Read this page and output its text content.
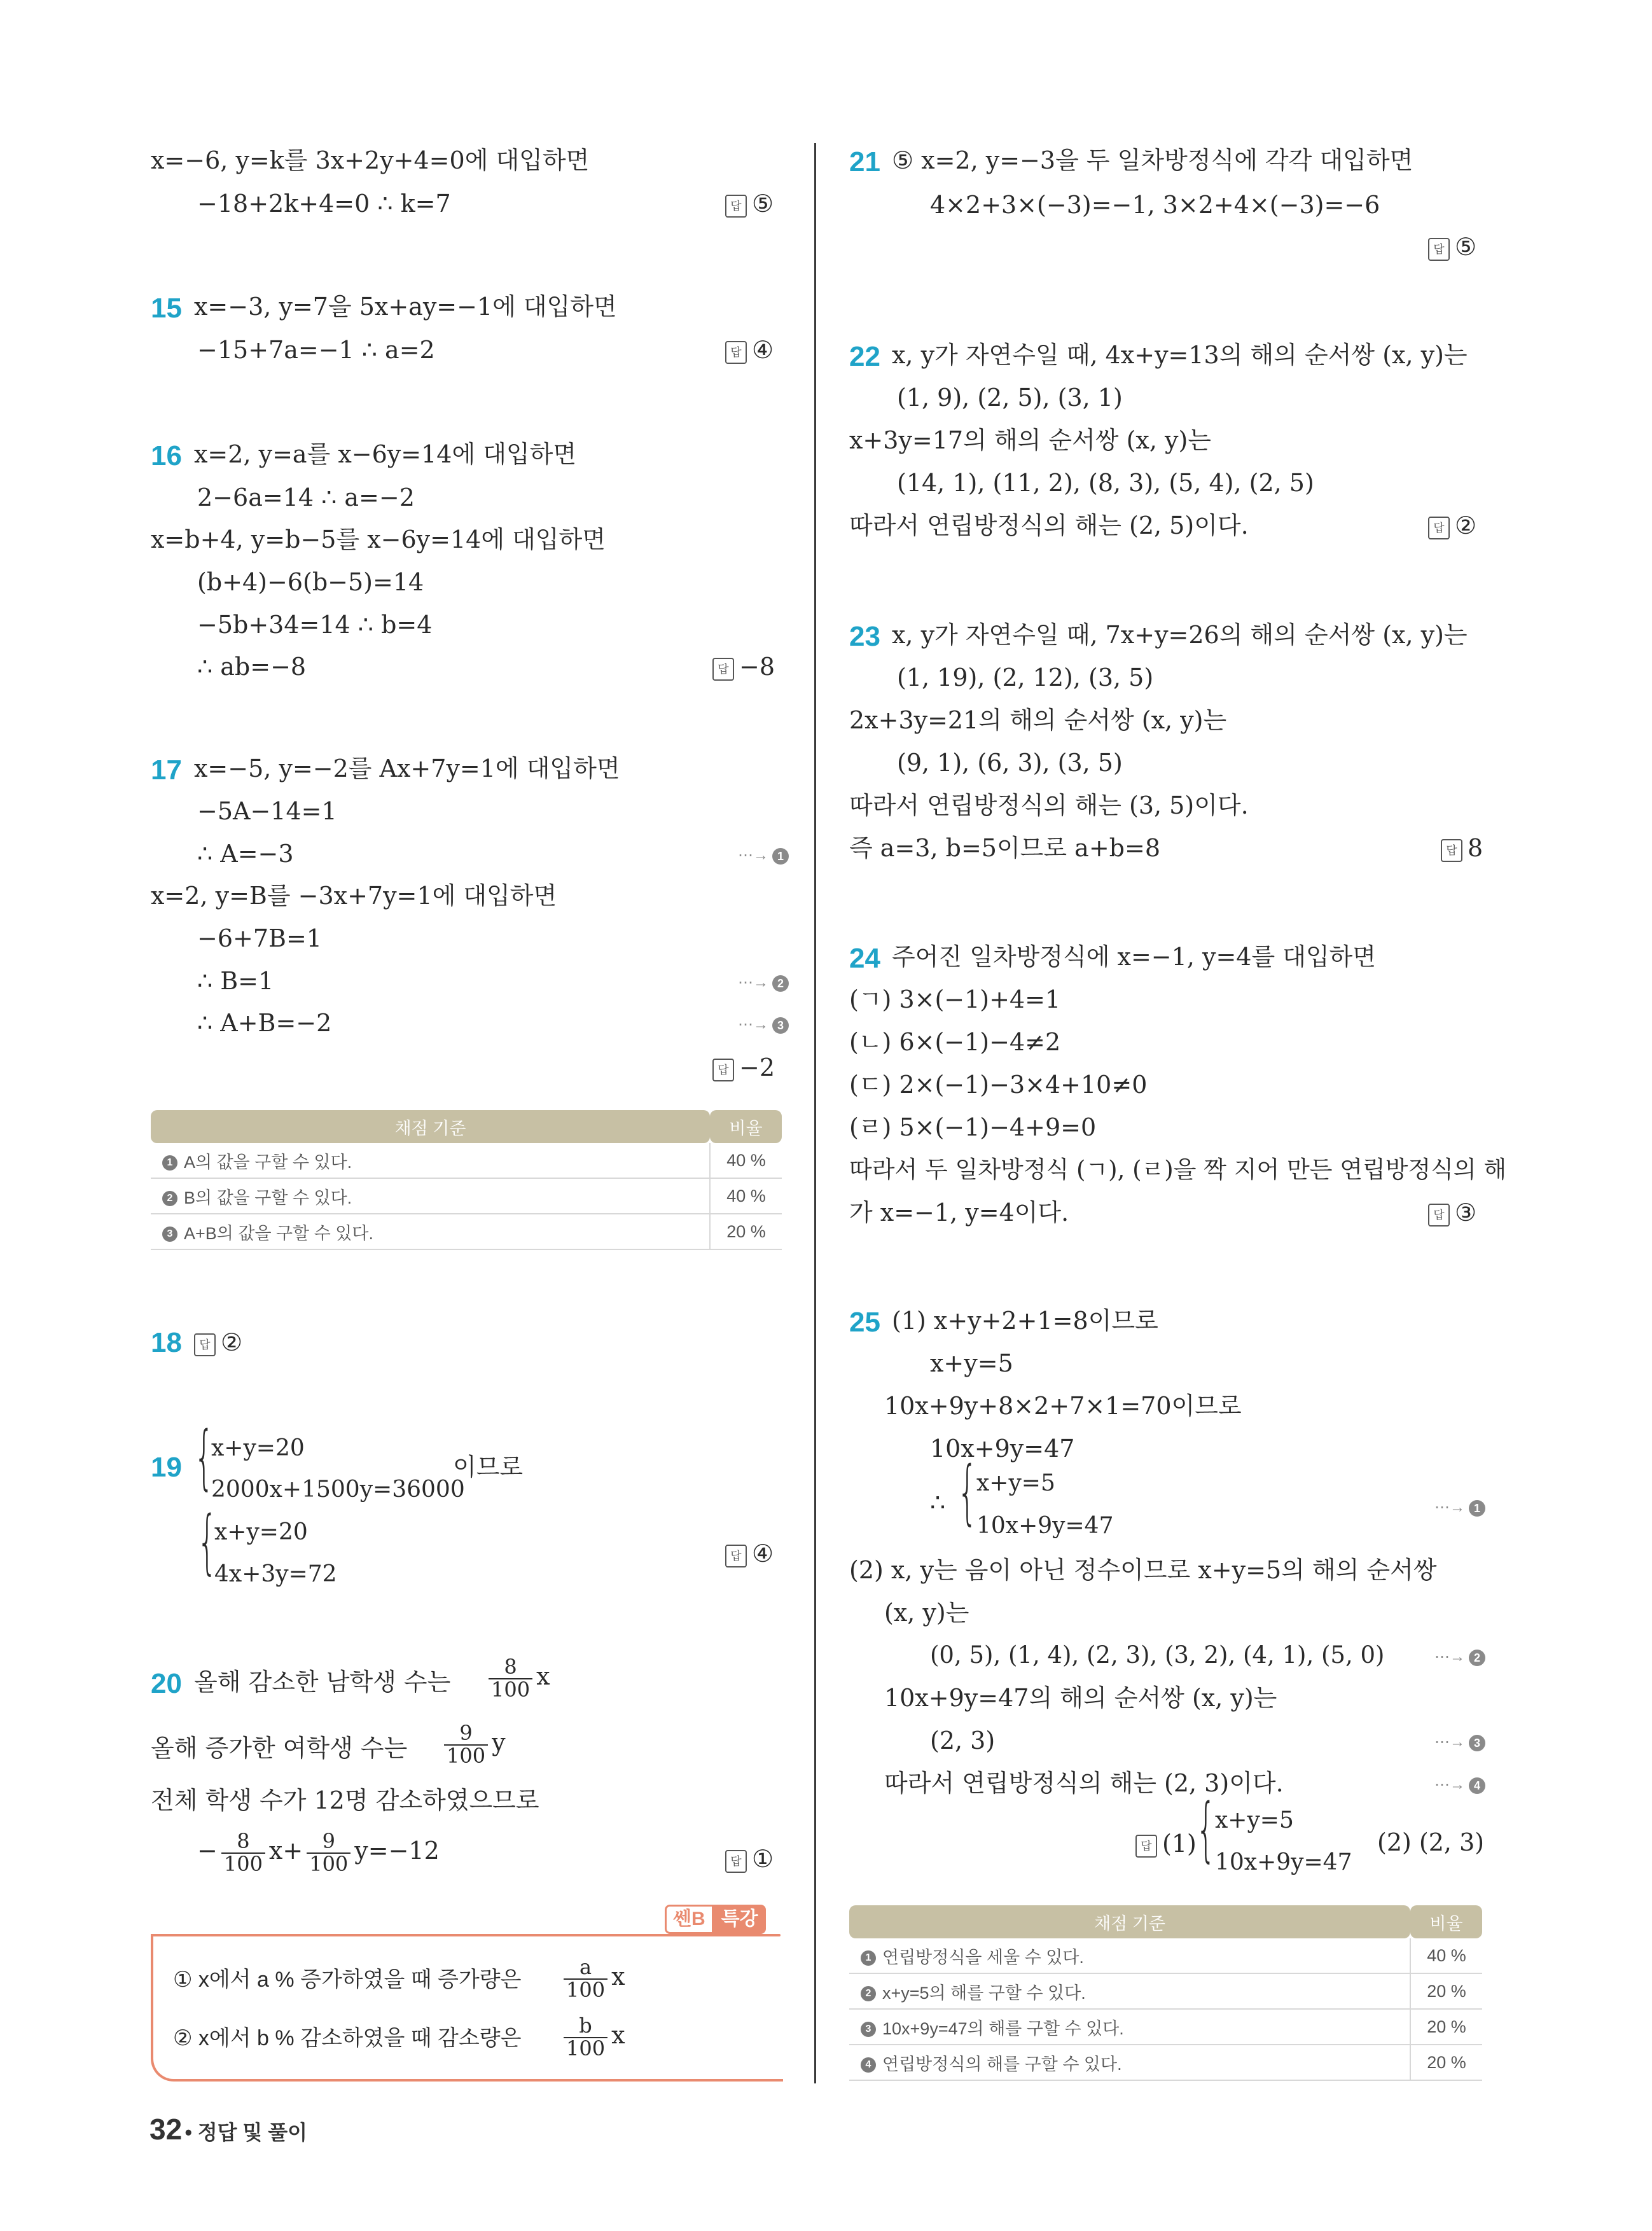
x=−6, y=k를 3x+2y+4=0에 대입하면
−18+2k+4=0 ∴ k=7	답 ⑤
15 x=−3, y=7을 5x+ay=−1에 대입하면
−15+7a=−1 ∴ a=2	답 ④
16 x=2, y=a를 x−6y=14에 대입하면
2−6a=14 ∴ a=−2
x=b+4, y=b−5를 x−6y=14에 대입하면
(b+4)−6(b−5)=14
−5b+34=14 ∴ b=4
∴ ab=−8	답 −8
17 x=−5, y=−2를 Ax+7y=1에 대입하면
−5A−14=1
∴ A=−3	⋯→ 1
x=2, y=B를 −3x+7y=1에 대입하면
−6+7B=1
∴ B=1	⋯→ 2
∴ A+B=−2	⋯→ 3
답 −2
채점 기준	비율
1 A의 값을 구할 수 있다.	40 %
2 B의 값을 구할 수 있다.	40 %
3 A+B의 값을 구할 수 있다.	20 %
18	답 ②
19 {
x+y=20
2000x+1500y=36000
이므로
{
x+y=20
4x+3y=72
답 ④
20 올해 감소한 남학생 수는 $\frac{8}{100}$ x
올해 증가한 여학생 수는 $\frac{9}{100}$ y
전체 학생 수가 12명 감소하였으므로
− $\frac{8}{100} x+ \frac{9}{100} y=-12$	답 ①
쎈B 특강
① x에서 a % 증가하였을 때 증가량은 $\frac{a}{100}$ x
② x에서 b % 감소하였을 때 감소량은 $\frac{b}{100}$ x
32 • 정답 및 풀이
21 ⑤ x=2, y=−3을 두 일차방정식에 각각 대입하면
4×2+3×(−3)=−1, 3×2+4×(−3)=−6
답 ⑤
22 x, y가 자연수일 때, 4x+y=13의 해의 순서쌍 (x, y)는
(1, 9), (2, 5), (3, 1)
x+3y=17의 해의 순서쌍 (x, y)는
(14, 1), (11, 2), (8, 3), (5, 4), (2, 5)
따라서 연립방정식의 해는 (2, 5)이다.	답 ②
23 x, y가 자연수일 때, 7x+y=26의 해의 순서쌍 (x, y)는
(1, 19), (2, 12), (3, 5)
2x+3y=21의 해의 순서쌍 (x, y)는
(9, 1), (6, 3), (3, 5)
따라서 연립방정식의 해는 (3, 5)이다.
즉 a=3, b=5이므로 a+b=8	답 8
24 주어진 일차방정식에 x=−1, y=4를 대입하면
(ㄱ) 3×(−1)+4=1
(ㄴ) 6×(−1)−4≠2
(ㄷ) 2×(−1)−3×4+10≠0
(ㄹ) 5×(−1)−4+9=0
따라서 두 일차방정식 (ㄱ), (ㄹ)을 짝 지어 만든 연립방정식의 해
가 x=−1, y=4이다.	답 ③
25 (1) x+y+2+1=8이므로
x+y=5
10x+9y+8×2+7×1=70이므로
10x+9y=47
∴ {
x+y=5
10x+9y=47
⋯→ 1
(2) x, y는 음이 아닌 정수이므로 x+y=5의 해의 순서쌍
(x, y)는
(0, 5), (1, 4), (2, 3), (3, 2), (4, 1), (5, 0)	⋯→ 2
10x+9y=47의 해의 순서쌍 (x, y)는
(2, 3)	⋯→ 3
따라서 연립방정식의 해는 (2, 3)이다.	⋯→ 4
답 (1) {
x+y=5
10x+9y=47
(2) (2, 3)
채점 기준	비율
1 연립방정식을 세울 수 있다.	40 %
2 x+y=5의 해를 구할 수 있다.	20 %
3 10x+9y=47의 해를 구할 수 있다.	20 %
4 연립방정식의 해를 구할 수 있다.	20 %
